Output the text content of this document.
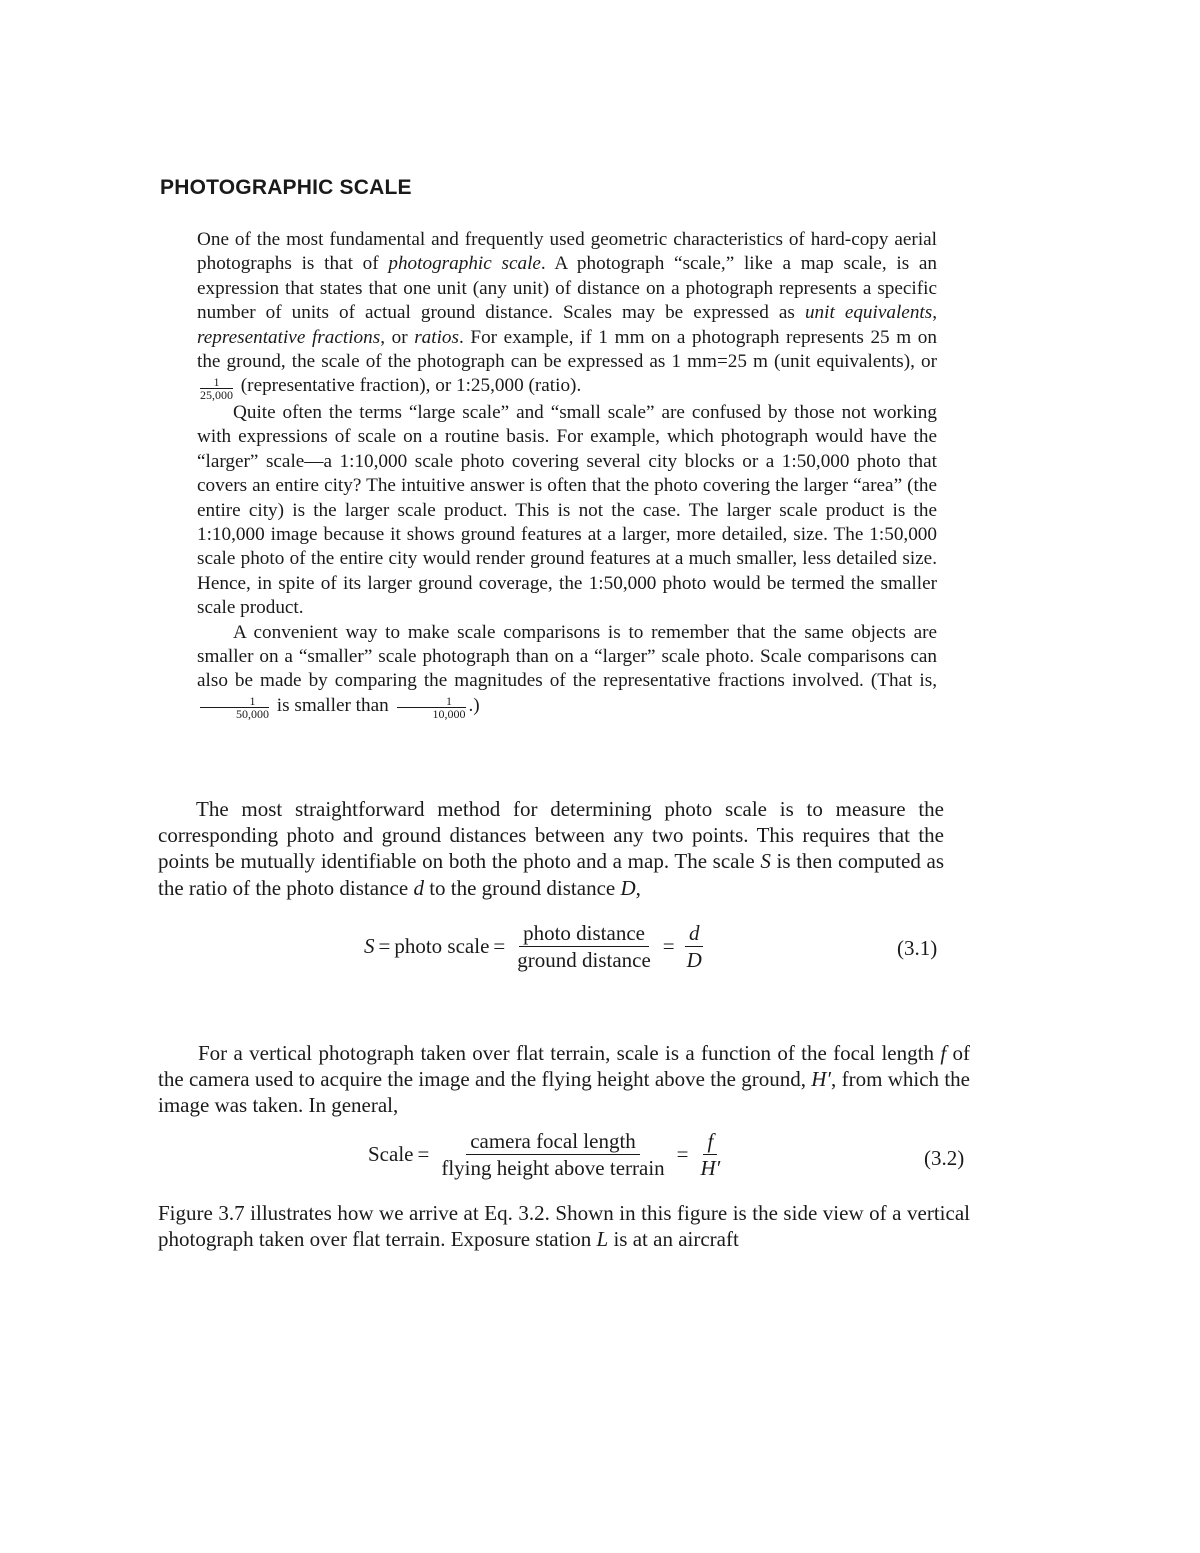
PHOTOGRAPHIC SCALE

One of the most fundamental and frequently used geometric characteristics of hard-copy aerial photographs is that of photographic scale. A photograph “scale,” like a map scale, is an expression that states that one unit (any unit) of distance on a photograph represents a specific number of units of actual ground distance. Scales may be expressed as unit equivalents, representative fractions, or ratios. For example, if 1 mm on a photograph represents 25 m on the ground, the scale of the photograph can be expressed as 1 mm=25 m (unit equivalents), or
$\frac{1}{25,000}$ (representative fraction), or 1:25,000 (ratio).

Quite often the terms “large scale” and “small scale” are confused by those not working with expressions of scale on a routine basis. For example, which photograph would have the “larger” scale—a 1:10,000 scale photo covering several city blocks or a 1:50,000 photo that covers an entire city? The intuitive answer is often that the photo covering the larger “area” (the entire city) is the larger scale product. This is not the case. The larger scale product is the 1:10,000 image because it shows ground features at a larger, more detailed, size. The 1:50,000 scale photo of the entire city would render ground features at a much smaller, less detailed size. Hence, in spite of its larger ground coverage, the 1:50,000 photo would be termed the smaller scale product.

A convenient way to make scale comparisons is to remember that the same objects are smaller on a “smaller” scale photograph than on a “larger” scale photo. Scale comparisons can also be made by comparing the magnitudes of the representative fractions involved. (That is,
$\frac{1}{50,000}$ is smaller than $\frac{1}{10,000}$ .)

The most straightforward method for determining photo scale is to measure the corresponding photo and ground distances between any two points. This requires that the points be mutually identifiable on both the photo and a map. The scale S is then computed as the ratio of the photo distance d to the ground distance D,

S = photo scale = $\frac{\text{photo distance}}{\text{ground distance}} = \frac{d}{D}$	(3.1)

For a vertical photograph taken over flat terrain, scale is a function of the focal length f of the camera used to acquire the image and the flying height above the ground, H′, from which the image was taken. In general,

Scale = $\frac{\text{camera focal length}}{\text{flying height above terrain}} = \frac{f}{H'}$	(3.2)

Figure 3.7 illustrates how we arrive at Eq. 3.2. Shown in this figure is the side view of a vertical photograph taken over flat terrain. Exposure station L is at an aircraft
